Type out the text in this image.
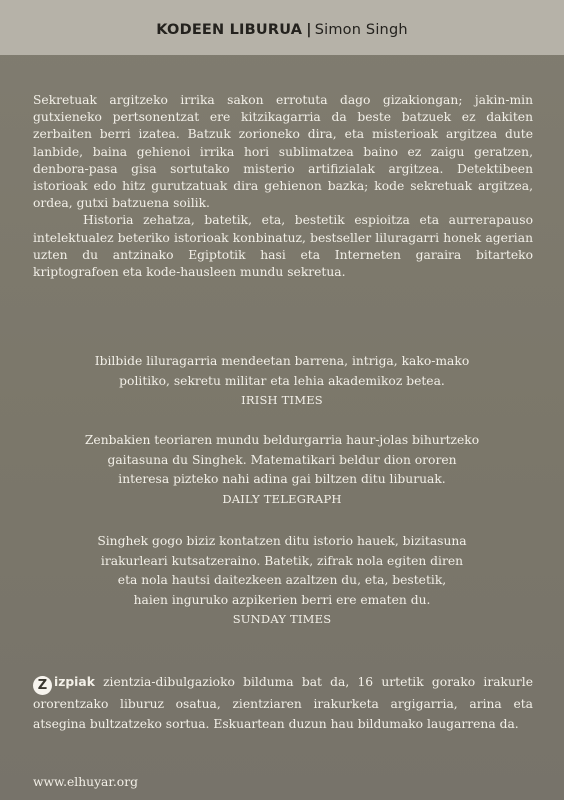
KODEEN LIBURUA | Simon Singh

Sekretuak argitzeko irrika sakon errotuta dago gizakiongan; jakin-min gutxieneko pertsonentzat ere kitzikagarria da beste batzuek ez dakiten zerbaiten berri izatea. Batzuk zorioneko dira, eta misterioak argitzea dute lanbide, baina gehienoi irrika hori sublimatzea baino ez zaigu geratzen, denbora-pasa gisa sortutako misterio artifizialak argitzea. Detektibeen istorioak edo hitz gurutzatuak dira gehienon bazka; kode sekretuak argitzea, ordea, gutxi batzuena soilik.

Historia zehatza, batetik, eta, bestetik espioitza eta aurrerapauso intelektualez beteriko istorioak konbinatuz, bestseller liluragarri honek agerian uzten du antzinako Egiptotik hasi eta Interneten garaira bitarteko kriptografoen eta kode-hausleen mundu sekretua.

Ibilbide liluragarria mendeetan barrena, intriga, kako-mako
politiko, sekretu militar eta lehia akademikoz betea.

IRISH TIMES
Zenbakien teoriaren mundu beldurgarria haur-jolas bihurtzeko
gaitasuna du Singhek. Matematikari beldur dion ororen
interesa pizteko nahi adina gai biltzen ditu liburuak.

DAILY TELEGRAPH
Singhek gogo biziz kontatzen ditu istorio hauek, bizitasuna
irakurleari kutsatzeraino. Batetik, zifrak nola egiten diren
eta nola hautsi daitezkeen azaltzen du, eta, bestetik,
haien inguruko azpikerien berri ere ematen du.

SUNDAY TIMES
Z izpiak zientzia-dibulgazioko bilduma bat da, 16 urtetik gorako irakurle ororentzako liburuz osatua, zientziaren irakurketa argigarria, arina eta atsegina bultzatzeko sortua. Eskuartean duzun hau bildumako laugarrena da.
www.elhuyar.org
